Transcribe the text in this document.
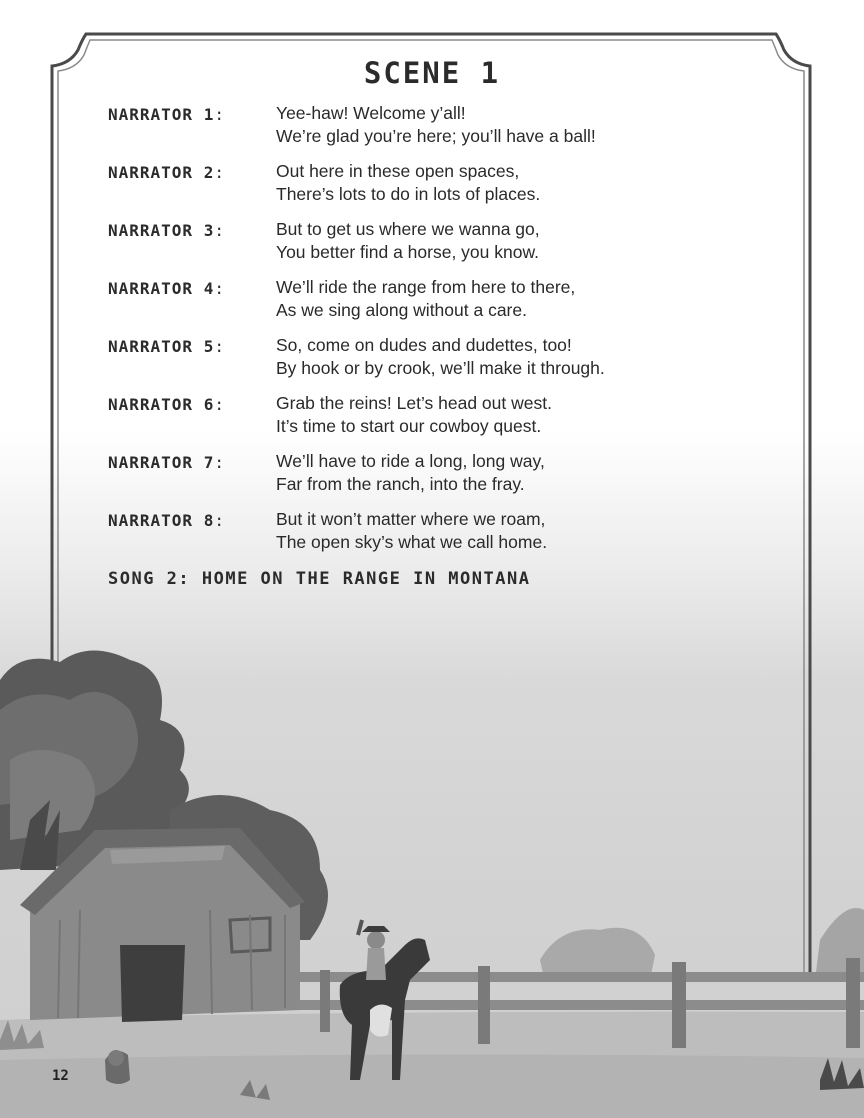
SCENE 1
NARRATOR 1:	Yee-haw! Welcome y’all!
We’re glad you’re here; you’ll have a ball!
NARRATOR 2:	Out here in these open spaces,
There’s lots to do in lots of places.
NARRATOR 3:	But to get us where we wanna go,
You better find a horse, you know.
NARRATOR 4:	We’ll ride the range from here to there,
As we sing along without a care.
NARRATOR 5:	So, come on dudes and dudettes, too!
By hook or by crook, we’ll make it through.
NARRATOR 6:	Grab the reins! Let’s head out west.
It’s time to start our cowboy quest.
NARRATOR 7:	We’ll have to ride a long, long way,
Far from the ranch, into the fray.
NARRATOR 8:	But it won’t matter where we roam,
The open sky’s what we call home.
SONG 2: HOME ON THE RANGE IN MONTANA
12
